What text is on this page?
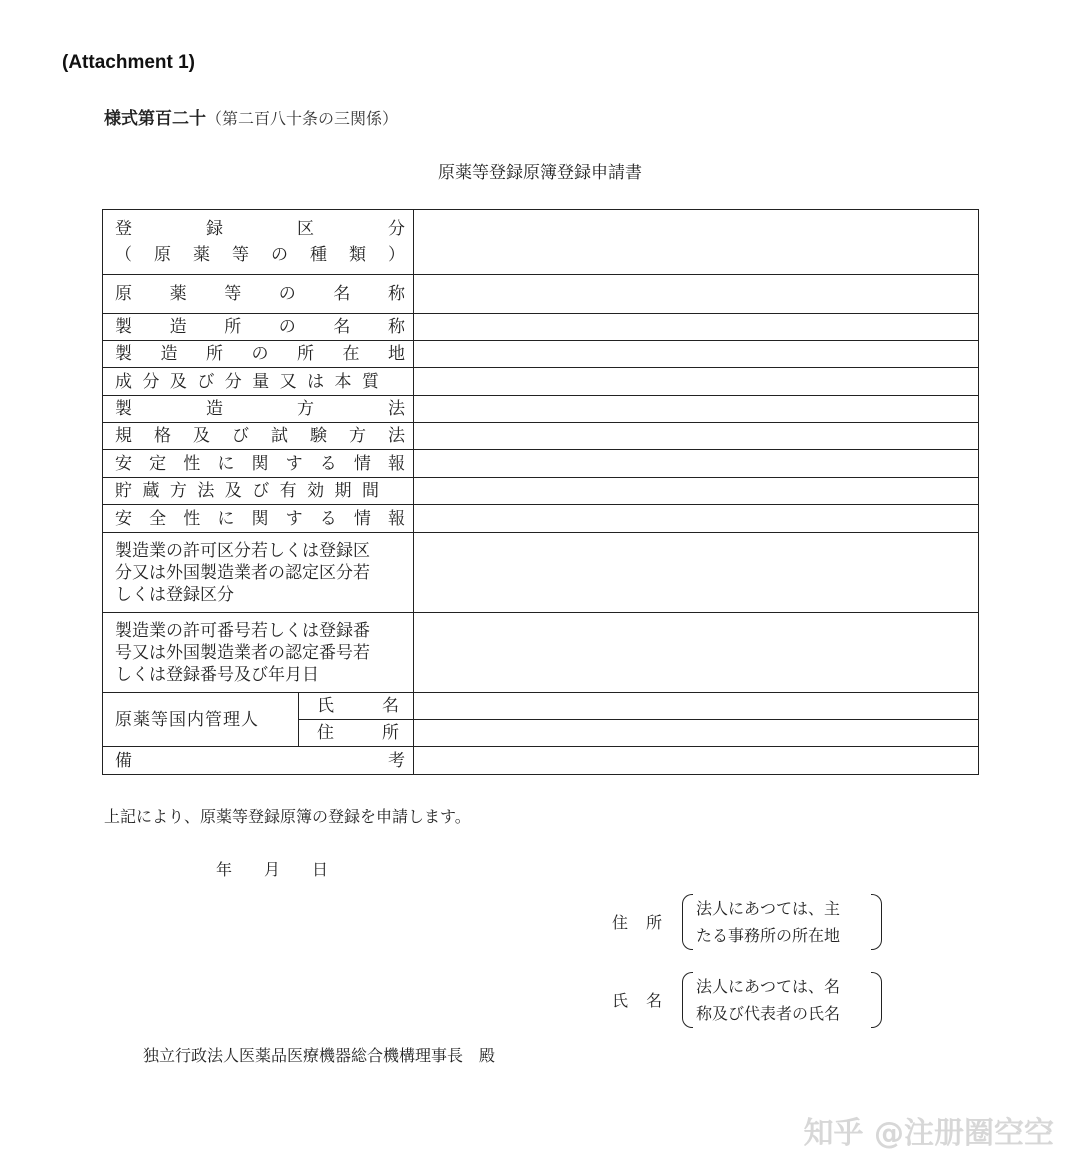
(Attachment 1)
様式第百二十（第二百八十条の三関係）
原薬等登録原簿登録申請書
登録区分
（原薬等の種類）		

原薬等の名称		

製造所の名称		

製造所の所在地		

成分及び分量又は本質		

製造方法		

規格及び試験方法		

安定性に関する情報		

貯蔵方法及び有効期間		

安全性に関する情報		

製造業の許可区分若しくは登録区
分又は外国製造業者の認定区分若
しくは登録区分		

製造業の許可番号若しくは登録番
号又は外国製造業者の認定番号若
しくは登録番号及び年月日		

原薬等国内管理人	氏名	

	住所	

備考		

上記により、原薬等登録原簿の登録を申請します。
年 月 日
住所
法人にあつては、主
たる事務所の所在地
氏名
法人にあつては、名
称及び代表者の氏名
独立行政法人医薬品医療機器総合機構理事長　殿
知乎 @注册圈空空
